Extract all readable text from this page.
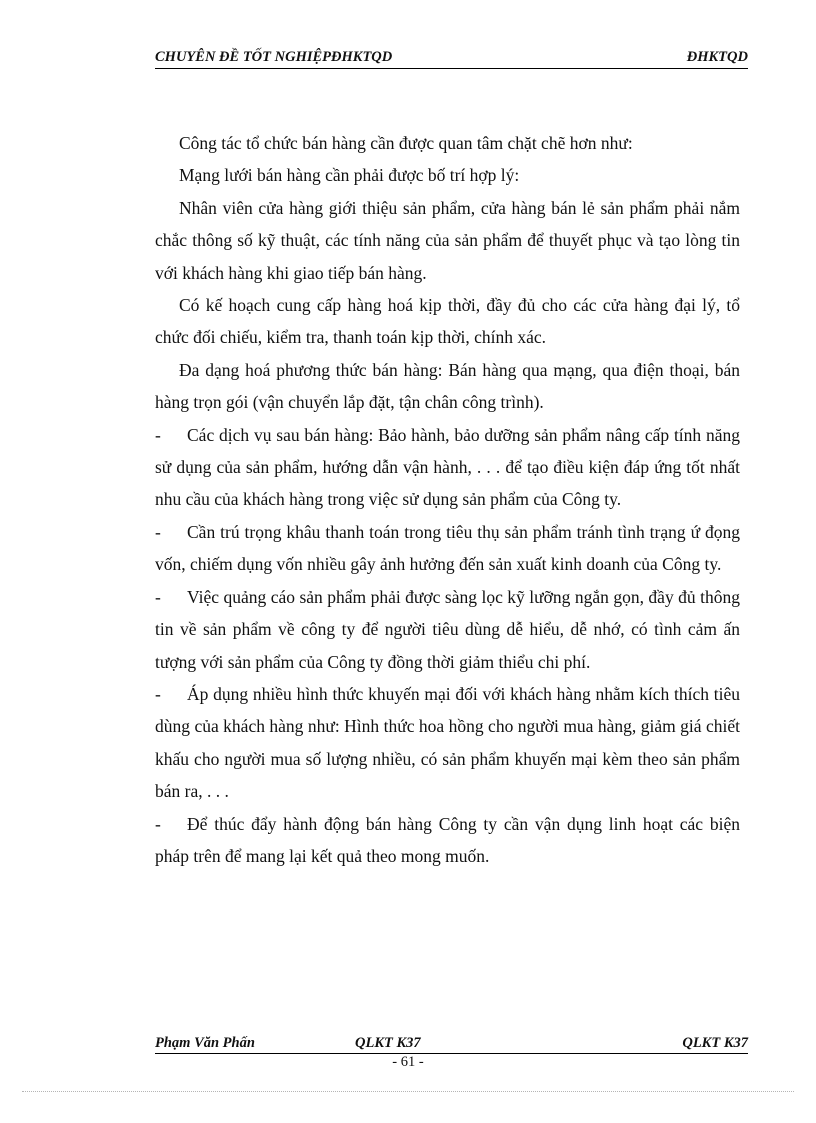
CHUYÊN ĐỀ TỐT NGHIỆPĐHKTQD	ĐHKTQD

Công tác tổ chức bán hàng cần được quan tâm chặt chẽ hơn như:

Mạng lưới bán hàng cần phải được bố trí hợp lý:

Nhân viên cửa hàng giới thiệu sản phẩm, cửa hàng bán lẻ sản phẩm phải nắm chắc thông số kỹ thuật, các tính năng của sản phẩm để thuyết phục và tạo lòng tin với khách hàng khi giao tiếp bán hàng.

Có kế hoạch cung cấp hàng hoá kịp thời, đầy đủ cho các cửa hàng đại lý, tổ chức đối chiếu, kiểm tra, thanh toán kịp thời, chính xác.

Đa dạng hoá phương thức bán hàng: Bán hàng qua mạng, qua điện thoại, bán hàng trọn gói (vận chuyển lắp đặt, tận chân công trình).

- Các dịch vụ sau bán hàng: Bảo hành, bảo dưỡng sản phẩm nâng cấp tính năng sử dụng của sản phẩm, hướng dẫn vận hành, . . . để tạo điều kiện đáp ứng tốt nhất nhu cầu của khách hàng trong việc sử dụng sản phẩm của Công ty.

- Cần trú trọng khâu thanh toán trong tiêu thụ sản phẩm tránh tình trạng ứ đọng vốn, chiếm dụng vốn nhiều gây ảnh hưởng đến sản xuất kinh doanh của Công ty.

- Việc quảng cáo sản phẩm phải được sàng lọc kỹ lưỡng ngắn gọn, đầy đủ thông tin về sản phẩm về công ty để người tiêu dùng dễ hiểu, dễ nhớ, có tình cảm ấn tượng với sản phẩm của Công ty đồng thời giảm thiểu chi phí.

- Áp dụng nhiều hình thức khuyến mại đối với khách hàng nhằm kích thích tiêu dùng của khách hàng như: Hình thức hoa hồng cho người mua hàng, giảm giá chiết khấu cho người mua số lượng nhiều, có sản phẩm khuyến mại kèm theo sản phẩm bán ra, . . .

- Để thúc đẩy hành động bán hàng Công ty cần vận dụng linh hoạt các biện pháp trên để mang lại kết quả theo mong muốn.

Phạm Văn Phấn	QLKT K37	QLKT K37
- 61 -
